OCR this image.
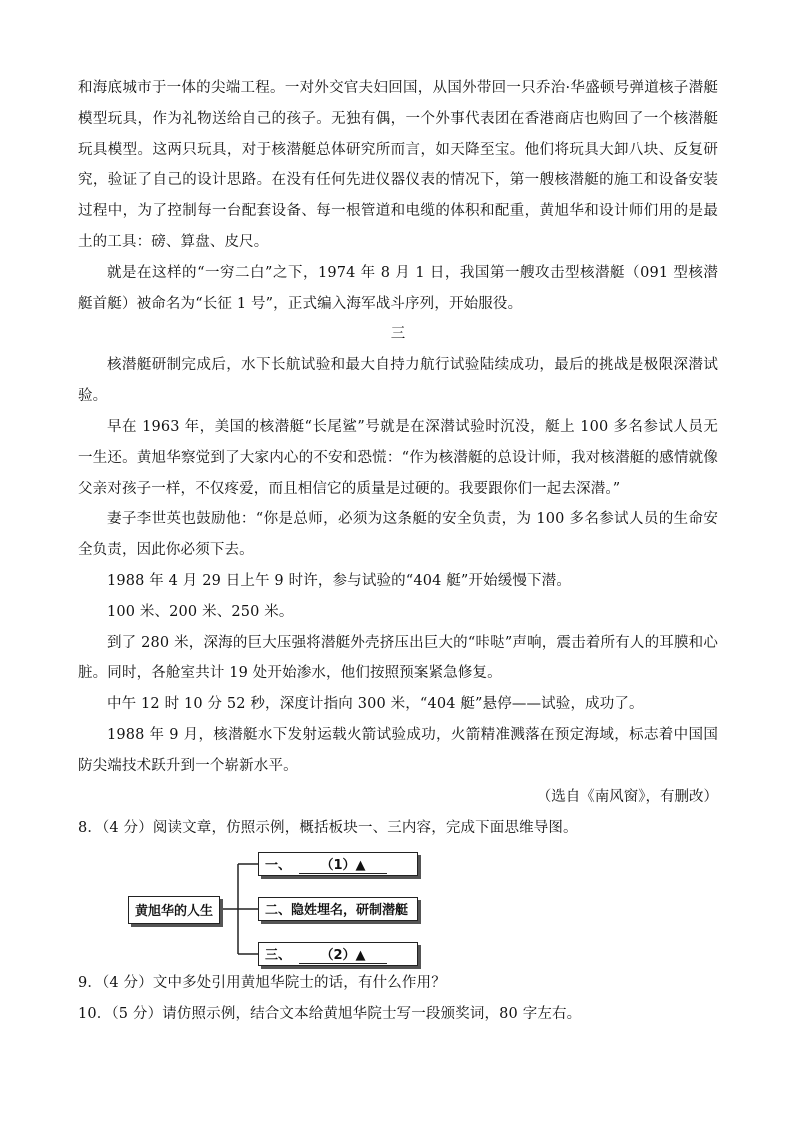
和海底城市于一体的尖端工程。一对外交官夫妇回国，从国外带回一只乔治·华盛顿号弹道核子潜艇模型玩具，作为礼物送给自己的孩子。无独有偶，一个外事代表团在香港商店也购回了一个核潜艇玩具模型。这两只玩具，对于核潜艇总体研究所而言，如天降至宝。他们将玩具大卸八块、反复研究，验证了自己的设计思路。在没有任何先进仪器仪表的情况下，第一艘核潜艇的施工和设备安装过程中，为了控制每一台配套设备、每一根管道和电缆的体积和配重，黄旭华和设计师们用的是最土的工具：磅、算盘、皮尺。

就是在这样的“一穷二白”之下，1974 年 8 月 1 日，我国第一艘攻击型核潜艇（091 型核潜艇首艇）被命名为“长征 1 号”，正式编入海军战斗序列，开始服役。

三

核潜艇研制完成后，水下长航试验和最大自持力航行试验陆续成功，最后的挑战是极限深潜试验。

早在 1963 年，美国的核潜艇“长尾鲨”号就是在深潜试验时沉没，艇上 100 多名参试人员无一生还。黄旭华察觉到了大家内心的不安和恐慌：“作为核潜艇的总设计师，我对核潜艇的感情就像父亲对孩子一样，不仅疼爱，而且相信它的质量是过硬的。我要跟你们一起去深潜。”

妻子李世英也鼓励他：“你是总师，必须为这条艇的安全负责，为 100 多名参试人员的生命安全负责，因此你必须下去。

1988 年 4 月 29 日上午 9 时许，参与试验的“404 艇”开始缓慢下潜。

100 米、200 米、250 米。

到了 280 米，深海的巨大压强将潜艇外壳挤压出巨大的“咔哒”声响，震击着所有人的耳膜和心脏。同时，各舱室共计 19 处开始渗水，他们按照预案紧急修复。

中午 12 时 10 分 52 秒，深度计指向 300 米，“404 艇”悬停——试验，成功了。

1988 年 9 月，核潜艇水下发射运载火箭试验成功，火箭精准溅落在预定海域，标志着中国国防尖端技术跃升到一个崭新水平。

（选自《南风窗》，有删改）

8．（4 分）阅读文章，仿照示例，概括板块一、三内容，完成下面思维导图。

黄旭华的人生
一、	（1）▲
二、隐姓埋名，研制潜艇
三、	（2）▲

9．（4 分）文中多处引用黄旭华院士的话，有什么作用？

10．（5 分）请仿照示例，结合文本给黄旭华院士写一段颁奖词，80 字左右。
